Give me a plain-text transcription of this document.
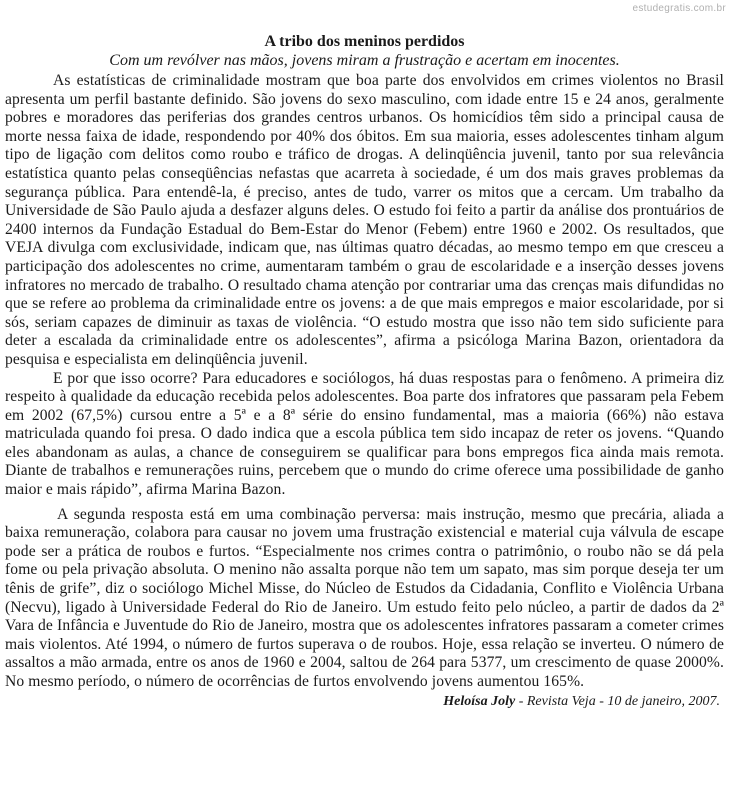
estudegratis.com.br
A tribo dos meninos perdidos

Com um revólver nas mãos, jovens miram a frustração e acertam em inocentes.

As estatísticas de criminalidade mostram que boa parte dos envolvidos em crimes violentos no Brasil apresenta um perfil bastante definido. São jovens do sexo masculino, com idade entre 15 e 24 anos, geralmente pobres e moradores das periferias dos grandes centros urbanos. Os homicídios têm sido a principal causa de morte nessa faixa de idade, respondendo por 40% dos óbitos. Em sua maioria, esses adolescentes tinham algum tipo de ligação com delitos como roubo e tráfico de drogas. A delinqüência juvenil, tanto por sua relevância estatística quanto pelas conseqüências nefastas que acarreta à sociedade, é um dos mais graves problemas da segurança pública. Para entendê-la, é preciso, antes de tudo, varrer os mitos que a cercam. Um trabalho da Universidade de São Paulo ajuda a desfazer alguns deles. O estudo foi feito a partir da análise dos prontuários de 2400 internos da Fundação Estadual do Bem-Estar do Menor (Febem) entre 1960 e 2002. Os resultados, que VEJA divulga com exclusividade, indicam que, nas últimas quatro décadas, ao mesmo tempo em que cresceu a participação dos adolescentes no crime, aumentaram também o grau de escolaridade e a inserção desses jovens infratores no mercado de trabalho. O resultado chama atenção por contrariar uma das crenças mais difundidas no que se refere ao problema da criminalidade entre os jovens: a de que mais empregos e maior escolaridade, por si sós, seriam capazes de diminuir as taxas de violência. “O estudo mostra que isso não tem sido suficiente para deter a escalada da criminalidade entre os adolescentes”, afirma a psicóloga Marina Bazon, orientadora da pesquisa e especialista em delinqüência juvenil.

E por que isso ocorre? Para educadores e sociólogos, há duas respostas para o fenômeno. A primeira diz respeito à qualidade da educação recebida pelos adolescentes. Boa parte dos infratores que passaram pela Febem em 2002 (67,5%) cursou entre a 5ª e a 8ª série do ensino fundamental, mas a maioria (66%) não estava matriculada quando foi presa. O dado indica que a escola pública tem sido incapaz de reter os jovens. “Quando eles abandonam as aulas, a chance de conseguirem se qualificar para bons empregos fica ainda mais remota. Diante de trabalhos e remunerações ruins, percebem que o mundo do crime oferece uma possibilidade de ganho maior e mais rápido”, afirma Marina Bazon.

A segunda resposta está em uma combinação perversa: mais instrução, mesmo que precária, aliada a baixa remuneração, colabora para causar no jovem uma frustração existencial e material cuja válvula de escape pode ser a prática de roubos e furtos. “Especialmente nos crimes contra o patrimônio, o roubo não se dá pela fome ou pela privação absoluta. O menino não assalta porque não tem um sapato, mas sim porque deseja ter um tênis de grife”, diz o sociólogo Michel Misse, do Núcleo de Estudos da Cidadania, Conflito e Violência Urbana (Necvu), ligado à Universidade Federal do Rio de Janeiro. Um estudo feito pelo núcleo, a partir de dados da 2ª Vara de Infância e Juventude do Rio de Janeiro, mostra que os adolescentes infratores passaram a cometer crimes mais violentos. Até 1994, o número de furtos superava o de roubos. Hoje, essa relação se inverteu. O número de assaltos a mão armada, entre os anos de 1960 e 2004, saltou de 264 para 5377, um crescimento de quase 2000%. No mesmo período, o número de ocorrências de furtos envolvendo jovens aumentou 165%.

Heloísa Joly - Revista Veja - 10 de janeiro, 2007.
